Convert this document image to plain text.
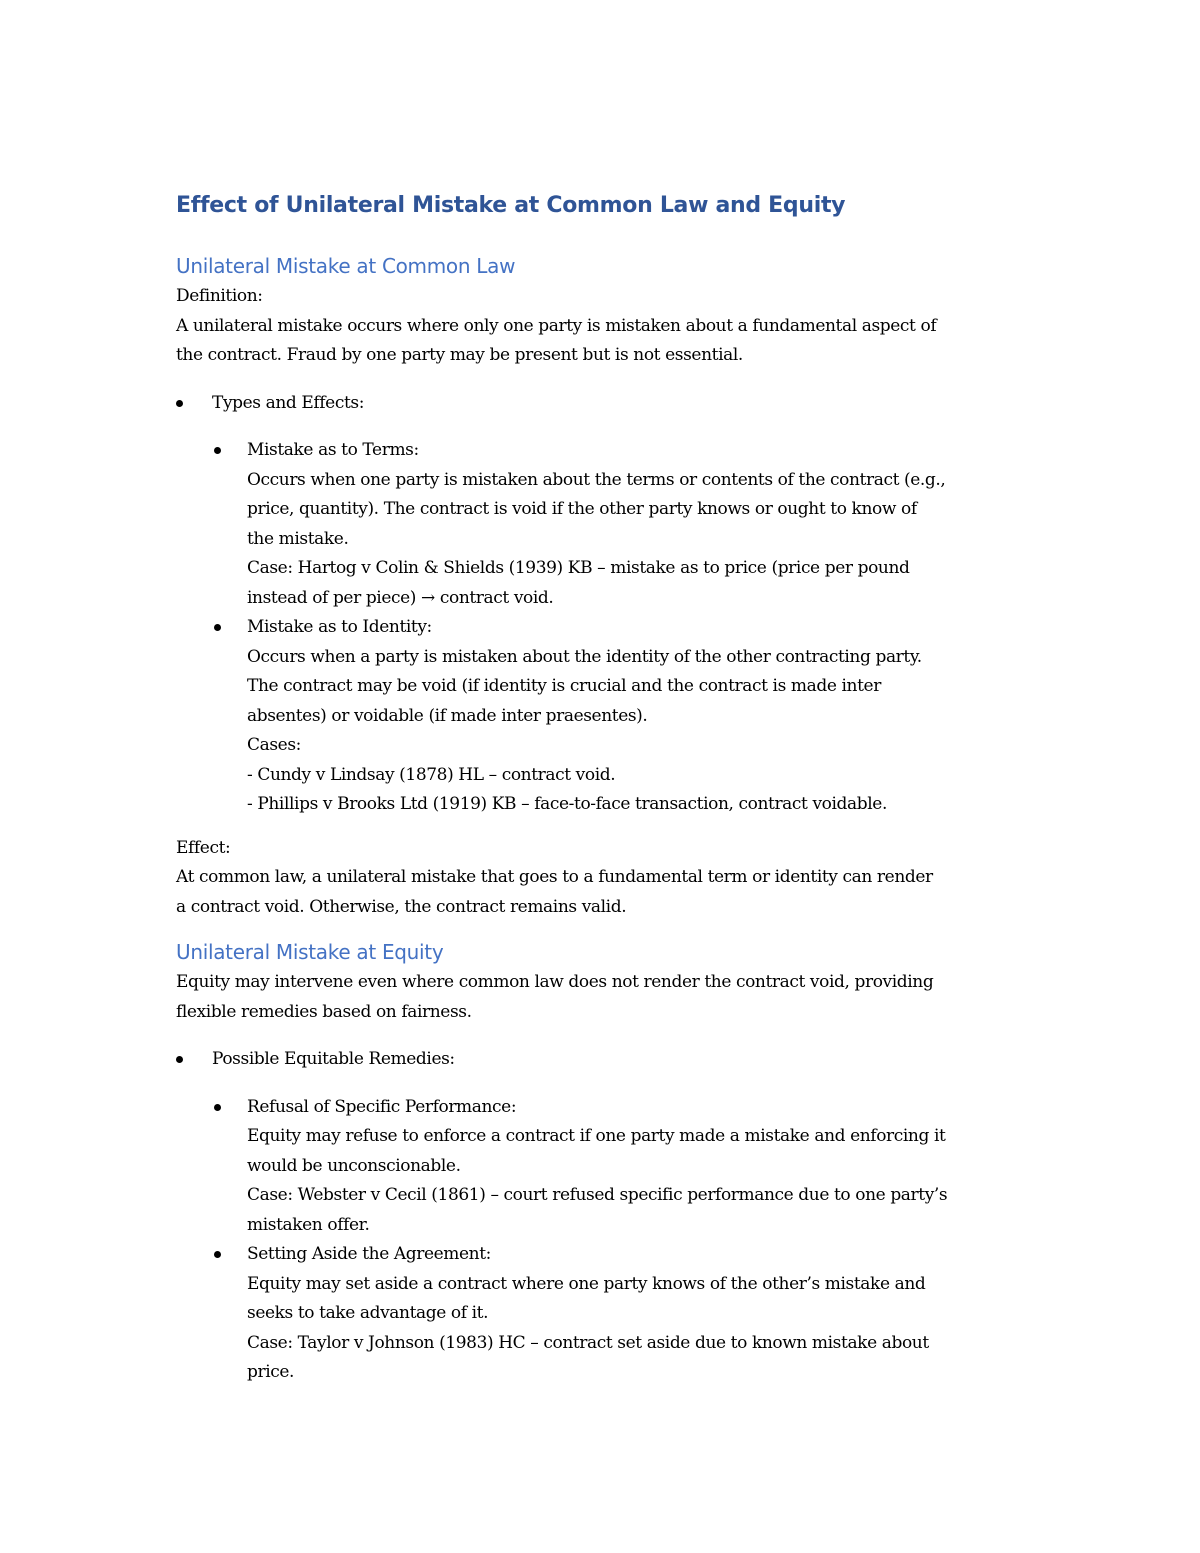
Effect of Unilateral Mistake at Common Law and Equity
Unilateral Mistake at Common Law
Definition:
A unilateral mistake occurs where only one party is mistaken about a fundamental aspect of
the contract. Fraud by one party may be present but is not essential.
Types and Effects:
Mistake as to Terms:
Occurs when one party is mistaken about the terms or contents of the contract (e.g.,
price, quantity). The contract is void if the other party knows or ought to know of
the mistake.
Case: Hartog v Colin & Shields (1939) KB – mistake as to price (price per pound
instead of per piece) → contract void.
Mistake as to Identity:
Occurs when a party is mistaken about the identity of the other contracting party.
The contract may be void (if identity is crucial and the contract is made inter
absentes) or voidable (if made inter praesentes).
Cases:
- Cundy v Lindsay (1878) HL – contract void.
- Phillips v Brooks Ltd (1919) KB – face-to-face transaction, contract voidable.
Effect:
At common law, a unilateral mistake that goes to a fundamental term or identity can render
a contract void. Otherwise, the contract remains valid.
Unilateral Mistake at Equity
Equity may intervene even where common law does not render the contract void, providing
flexible remedies based on fairness.
Possible Equitable Remedies:
Refusal of Specific Performance:
Equity may refuse to enforce a contract if one party made a mistake and enforcing it
would be unconscionable.
Case: Webster v Cecil (1861) – court refused specific performance due to one party’s
mistaken offer.
Setting Aside the Agreement:
Equity may set aside a contract where one party knows of the other’s mistake and
seeks to take advantage of it.
Case: Taylor v Johnson (1983) HC – contract set aside due to known mistake about
price.
